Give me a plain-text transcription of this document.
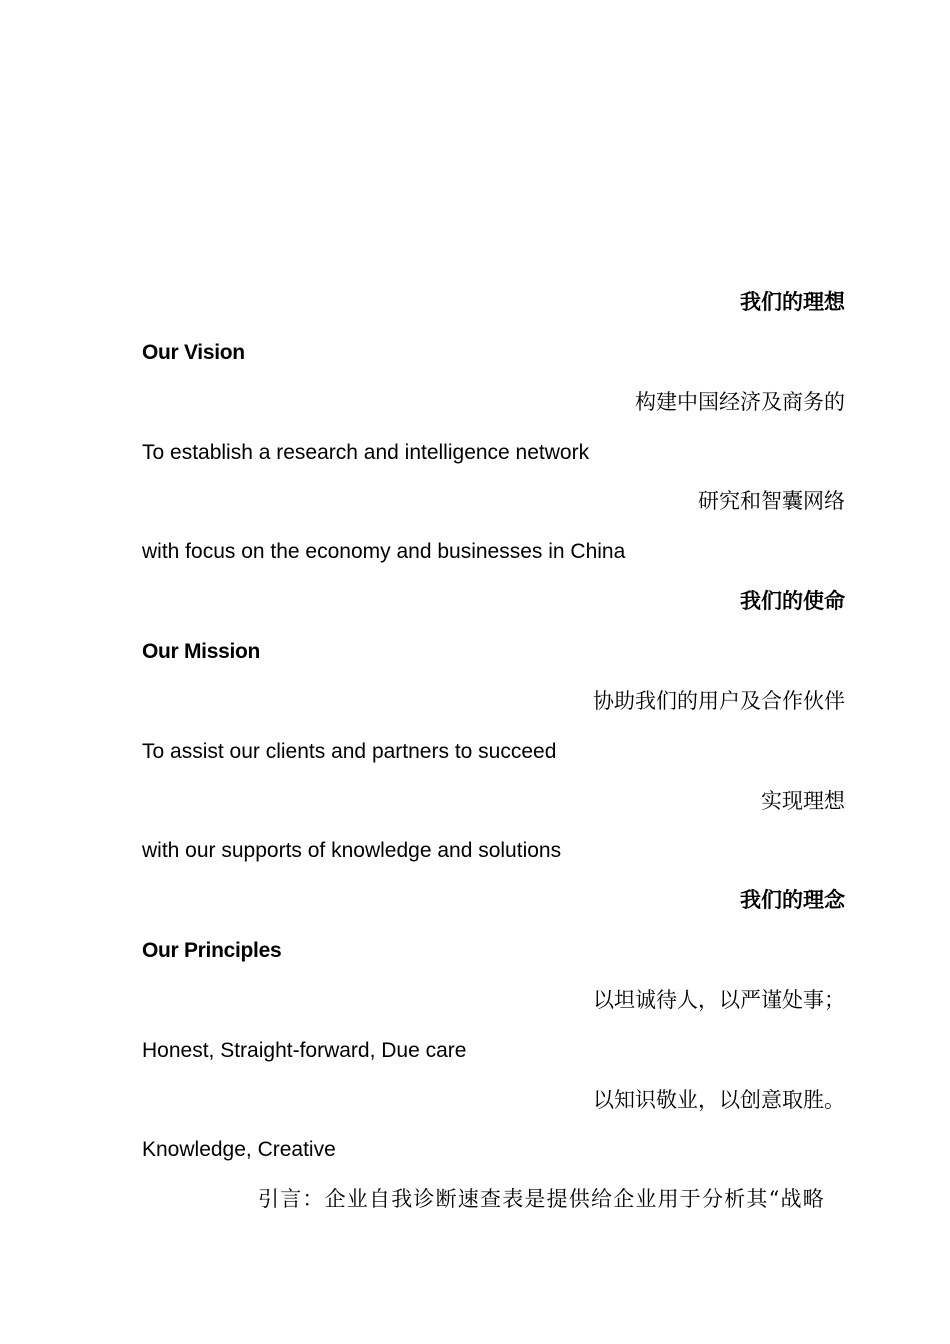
我们的理想
Our Vision
构建中国经济及商务的
To establish a research and intelligence network
研究和智囊网络
with focus on the economy and businesses in China
我们的使命
Our Mission
协助我们的用户及合作伙伴
To assist our clients and partners to succeed
实现理想
with our supports of knowledge and solutions
我们的理念
Our Principles
以坦诚待人，以严谨处事；
Honest, Straight-forward, Due care
以知识敬业，以创意取胜。
Knowledge, Creative
引言：企业自我诊断速查表是提供给企业用于分析其“战略
